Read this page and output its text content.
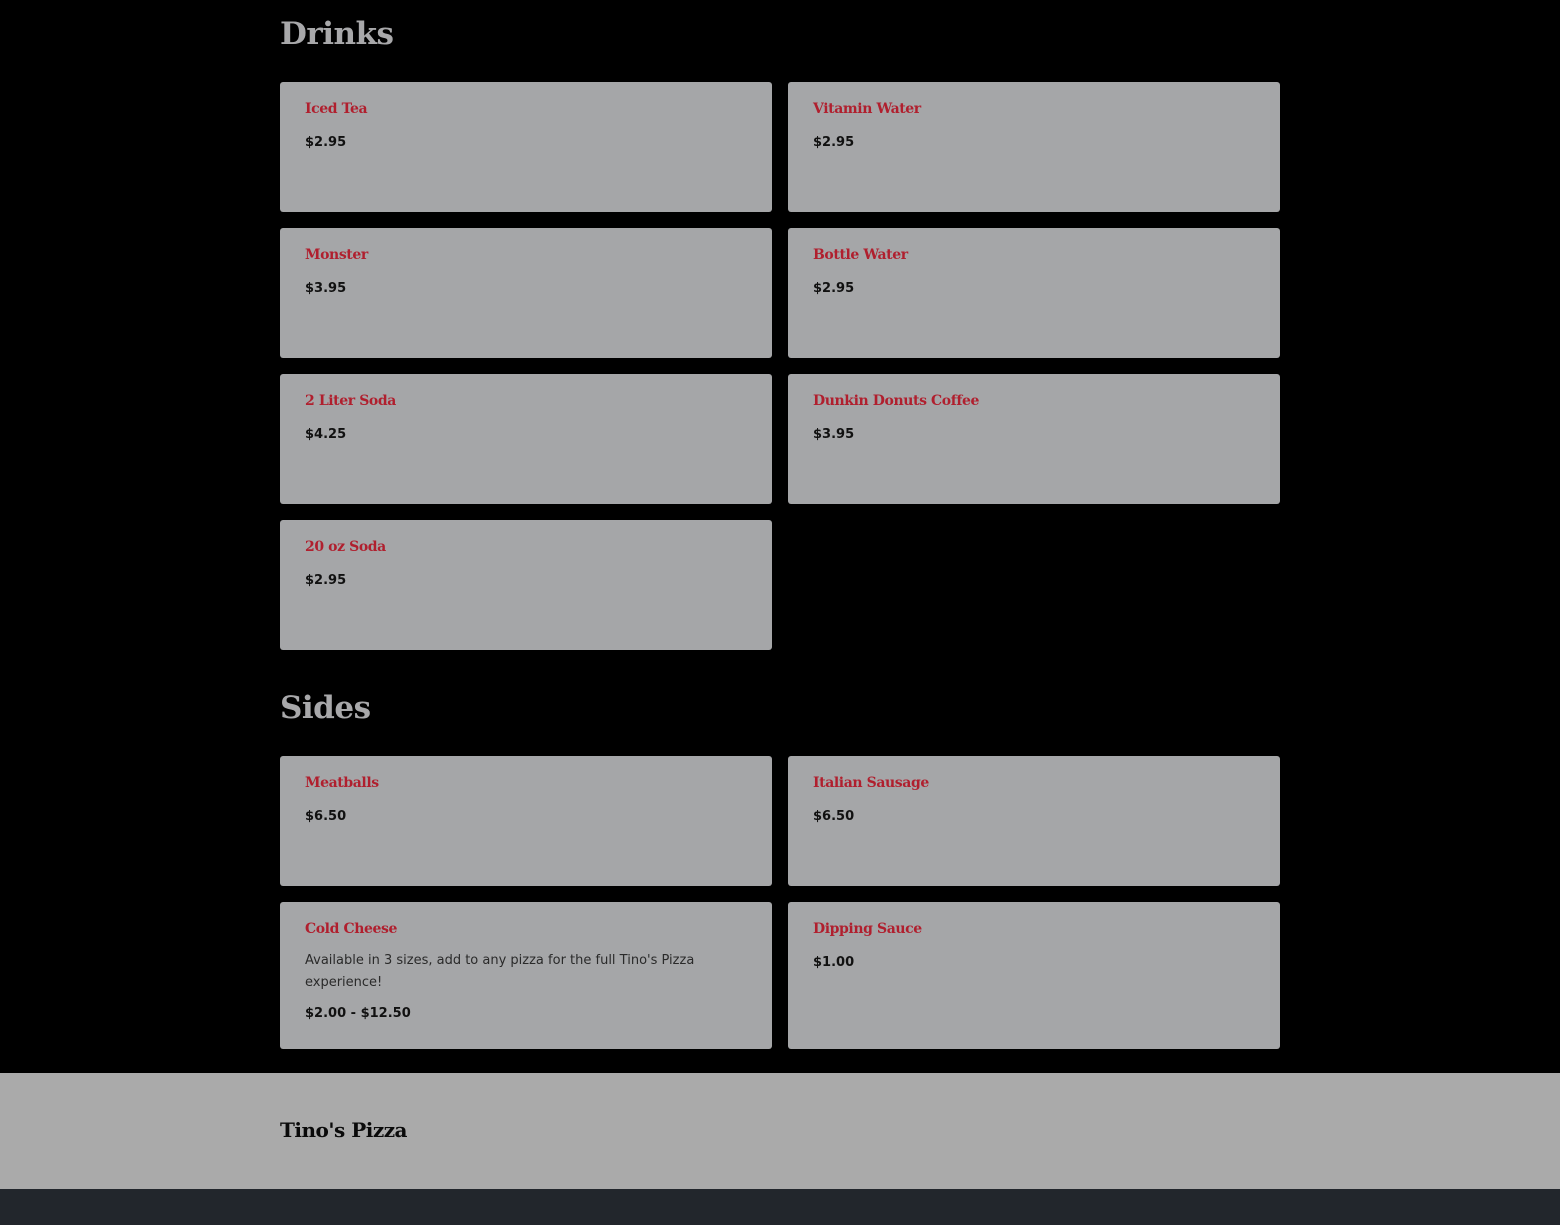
Drinks
Iced Tea
$2.95
Vitamin Water
$2.95
Monster
$3.95
Bottle Water
$2.95
2 Liter Soda
$4.25
Dunkin Donuts Coffee
$3.95
20 oz Soda
$2.95
Sides
Meatballs
$6.50
Italian Sausage
$6.50
Cold Cheese
Available in 3 sizes, add to any pizza for the full Tino's Pizza experience!
$2.00 - $12.50
Dipping Sauce
$1.00
Tino's Pizza
